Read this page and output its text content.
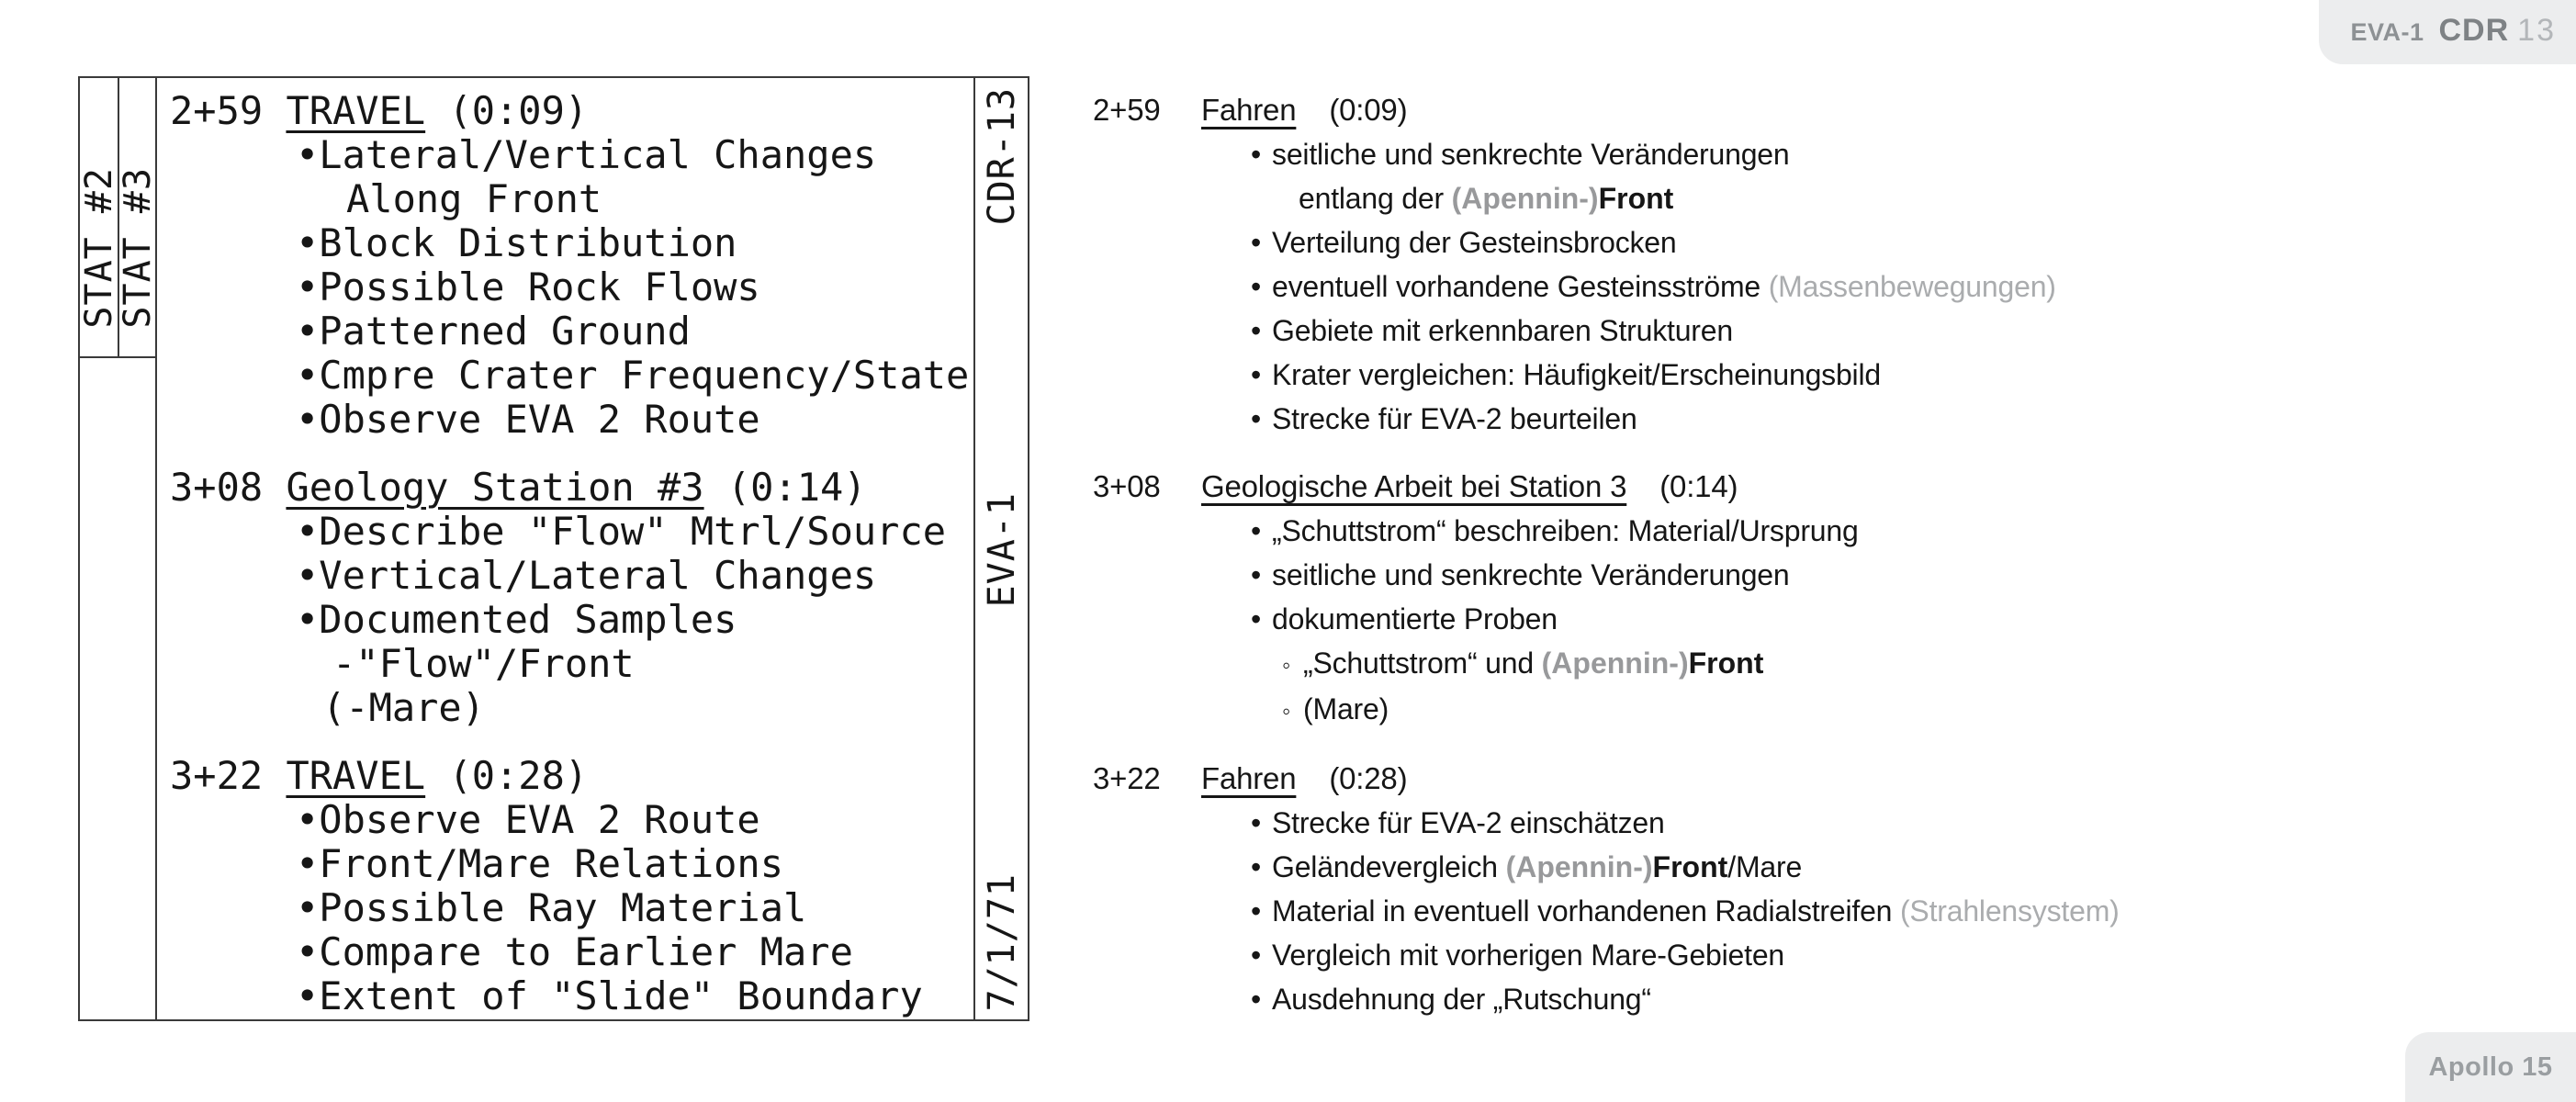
EVA-1 CDR 13
STAT #2
STAT #3
2+59 TRAVEL (0:09)
•Lateral/Vertical Changes
Along Front
•Block Distribution
•Possible Rock Flows
•Patterned Ground
•Cmpre Crater Frequency/State
•Observe EVA 2 Route
3+08 Geology Station #3 (0:14)
•Describe "Flow" Mtrl/Source
•Vertical/Lateral Changes
•Documented Samples
-"Flow"/Front
(-Mare)
3+22 TRAVEL (0:28)
•Observe EVA 2 Route
•Front/Mare Relations
•Possible Ray Material
•Compare to Earlier Mare
•Extent of "Slide" Boundary
CDR-13
EVA-1
7/1/71
2+59 Fahren (0:09)
• seitliche und senkrechte Veränderungen
entlang der (Apennin-)Front
• Verteilung der Gesteinsbrocken
• eventuell vorhandene Gesteinsströme (Massenbewegungen)
• Gebiete mit erkennbaren Strukturen
• Krater vergleichen: Häufigkeit/Erscheinungsbild
• Strecke für EVA-2 beurteilen
3+08 Geologische Arbeit bei Station 3 (0:14)
• „Schuttstrom“ beschreiben: Material/Ursprung
• seitliche und senkrechte Veränderungen
• dokumentierte Proben
◦ „Schuttstrom“ und (Apennin-)Front
◦ (Mare)
3+22 Fahren (0:28)
• Strecke für EVA-2 einschätzen
• Geländevergleich (Apennin-)Front/Mare
• Material in eventuell vorhandenen Radialstreifen (Strahlensystem)
• Vergleich mit vorherigen Mare-Gebieten
• Ausdehnung der „Rutschung“
Apollo 15
